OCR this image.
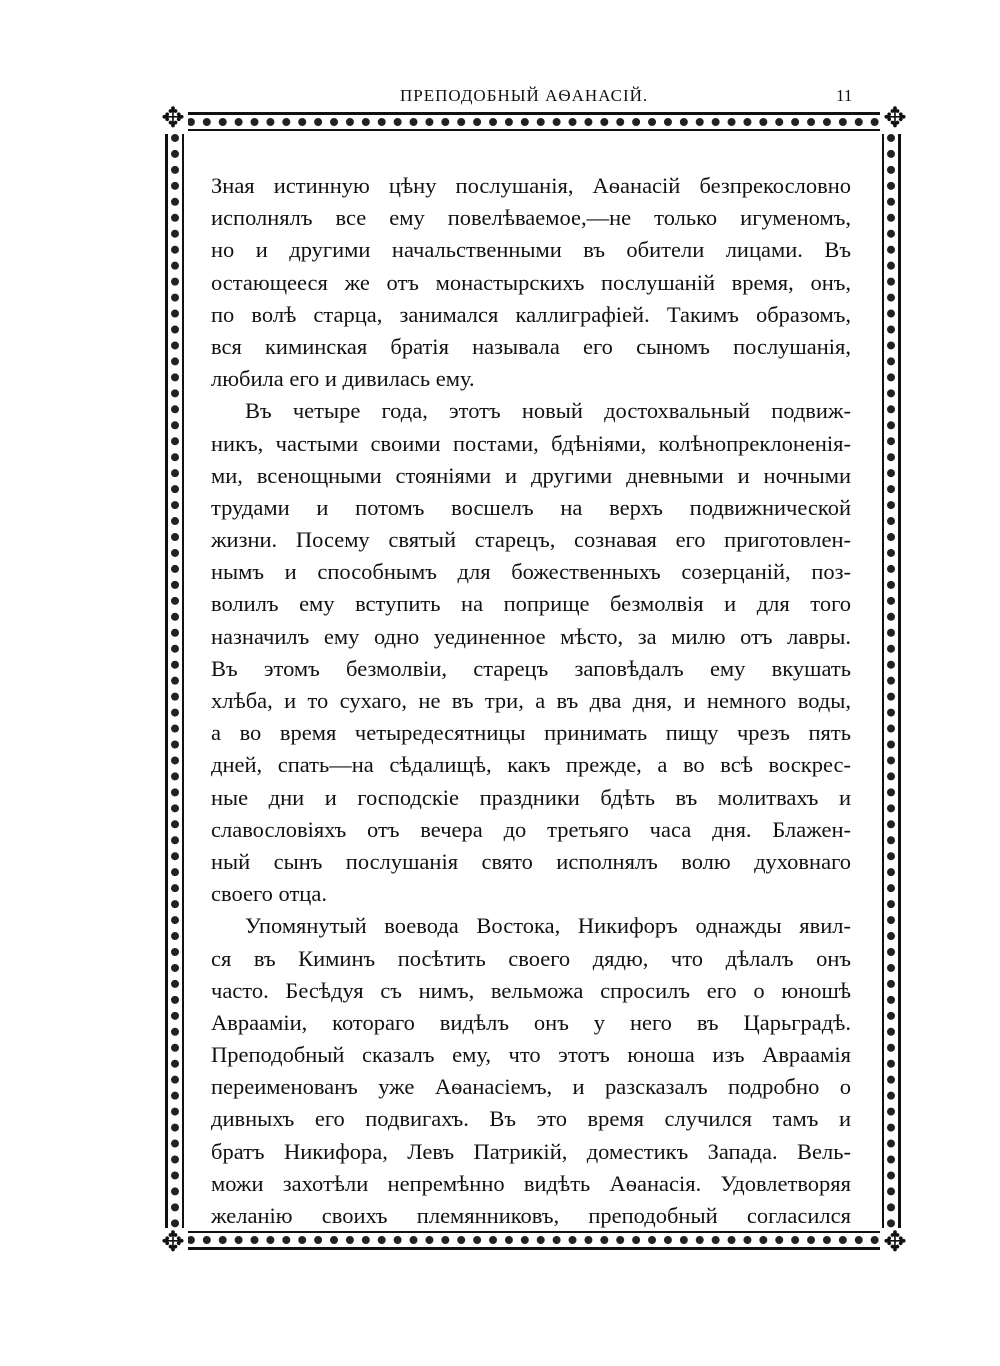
ПРЕПОДОБНЫЙ АѲАНАСІЙ.	11
✥	✥
✥	✥
Зная истинную цѣну послушанія, Аѳанасій безпрекословно
исполнялъ все ему повелѣваемое,—не только игуменомъ,
но и другими начальственными въ обители лицами. Въ
остающееся же отъ монастырскихъ послушаній время, онъ,
по волѣ старца, занимался каллиграфіей. Такимъ образомъ,
вся киминская братія называла его сыномъ послушанія,
любила его и дивилась ему.
Въ четыре года, этотъ новый достохвальный подвиж-
никъ, частыми своими постами, бдѣніями, колѣнопреклоненія-
ми, всенощными стояніями и другими дневными и ночными
трудами и потомъ восшелъ на верхъ подвижнической
жизни. Посему святый старецъ, сознавая его приготовлен-
нымъ и способнымъ для божественныхъ созерцаній, поз-
волилъ ему вступить на поприще безмолвія и для того
назначилъ ему одно уединенное мѣсто, за милю отъ лавры.
Въ этомъ безмолвіи, старецъ заповѣдалъ ему вкушать
хлѣба, и то сухаго, не въ три, а въ два дня, и немного воды,
а во время четыредесятницы принимать пищу чрезъ пять
дней, спать—на сѣдалищѣ, какъ прежде, а во всѣ воскрес-
ные дни и господскіе праздники бдѣть въ молитвахъ и
славословіяхъ отъ вечера до третьяго часа дня. Блажен-
ный сынъ послушанія свято исполнялъ волю духовнаго
своего отца.
Упомянутый воевода Востока, Никифоръ однажды явил-
ся въ Киминъ посѣтить своего дядю, что дѣлалъ онъ
часто. Бесѣдуя съ нимъ, вельможа спросилъ его о юношѣ
Авраамiи, котораго видѣлъ онъ у него въ Царьградѣ.
Преподобный сказалъ ему, что этотъ юноша изъ Авраамія
переименованъ уже Аѳанасіемъ, и разсказалъ подробно о
дивныхъ его подвигахъ. Въ это время случился тамъ и
братъ Никифора, Левъ Патрикій, доместикъ Запада. Вель-
можи захотѣли непремѣнно видѣть Аѳанасія. Удовлетворяя
желанію своихъ племянниковъ, преподобный согласился
